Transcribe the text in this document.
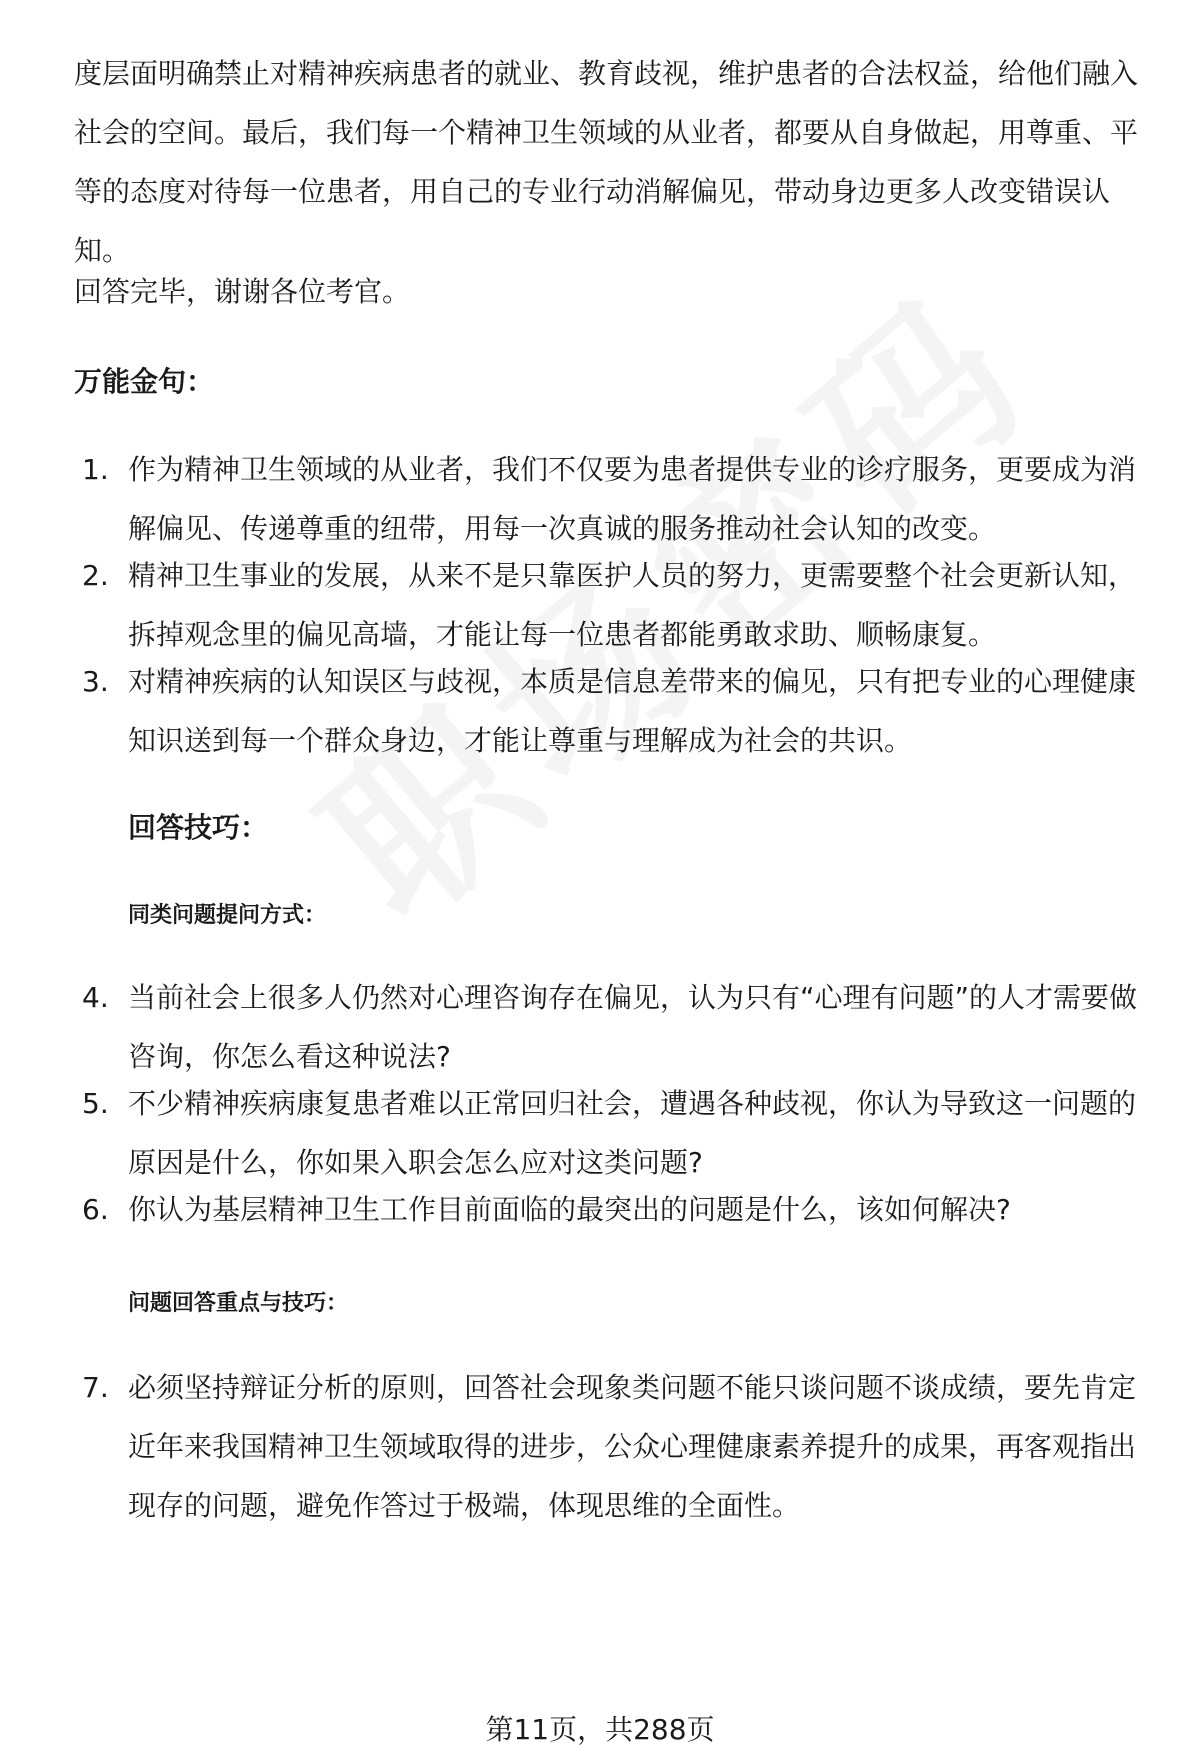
度层面明确禁止对精神疾病患者的就业、教育歧视，维护患者的合法权益，给他们融入社会的空间。最后，我们每一个精神卫生领域的从业者，都要从自身做起，用尊重、平等的态度对待每一位患者，用自己的专业行动消解偏见，带动身边更多人改变错误认知。
回答完毕，谢谢各位考官。
万能金句：
1. 作为精神卫生领域的从业者，我们不仅要为患者提供专业的诊疗服务，更要成为消解偏见、传递尊重的纽带，用每一次真诚的服务推动社会认知的改变。
2. 精神卫生事业的发展，从来不是只靠医护人员的努力，更需要整个社会更新认知，拆掉观念里的偏见高墙，才能让每一位患者都能勇敢求助、顺畅康复。
3. 对精神疾病的认知误区与歧视，本质是信息差带来的偏见，只有把专业的心理健康知识送到每一个群众身边，才能让尊重与理解成为社会的共识。
回答技巧：
同类问题提问方式：
4. 当前社会上很多人仍然对心理咨询存在偏见，认为只有“心理有问题”的人才需要做咨询，你怎么看这种说法?
5. 不少精神疾病康复患者难以正常回归社会，遭遇各种歧视，你认为导致这一问题的原因是什么，你如果入职会怎么应对这类问题?
6. 你认为基层精神卫生工作目前面临的最突出的问题是什么，该如何解决?
问题回答重点与技巧：
7. 必须坚持辩证分析的原则，回答社会现象类问题不能只谈问题不谈成绩，要先肯定近年来我国精神卫生领域取得的进步，公众心理健康素养提升的成果，再客观指出现存的问题，避免作答过于极端，体现思维的全面性。
第11页，共288页
